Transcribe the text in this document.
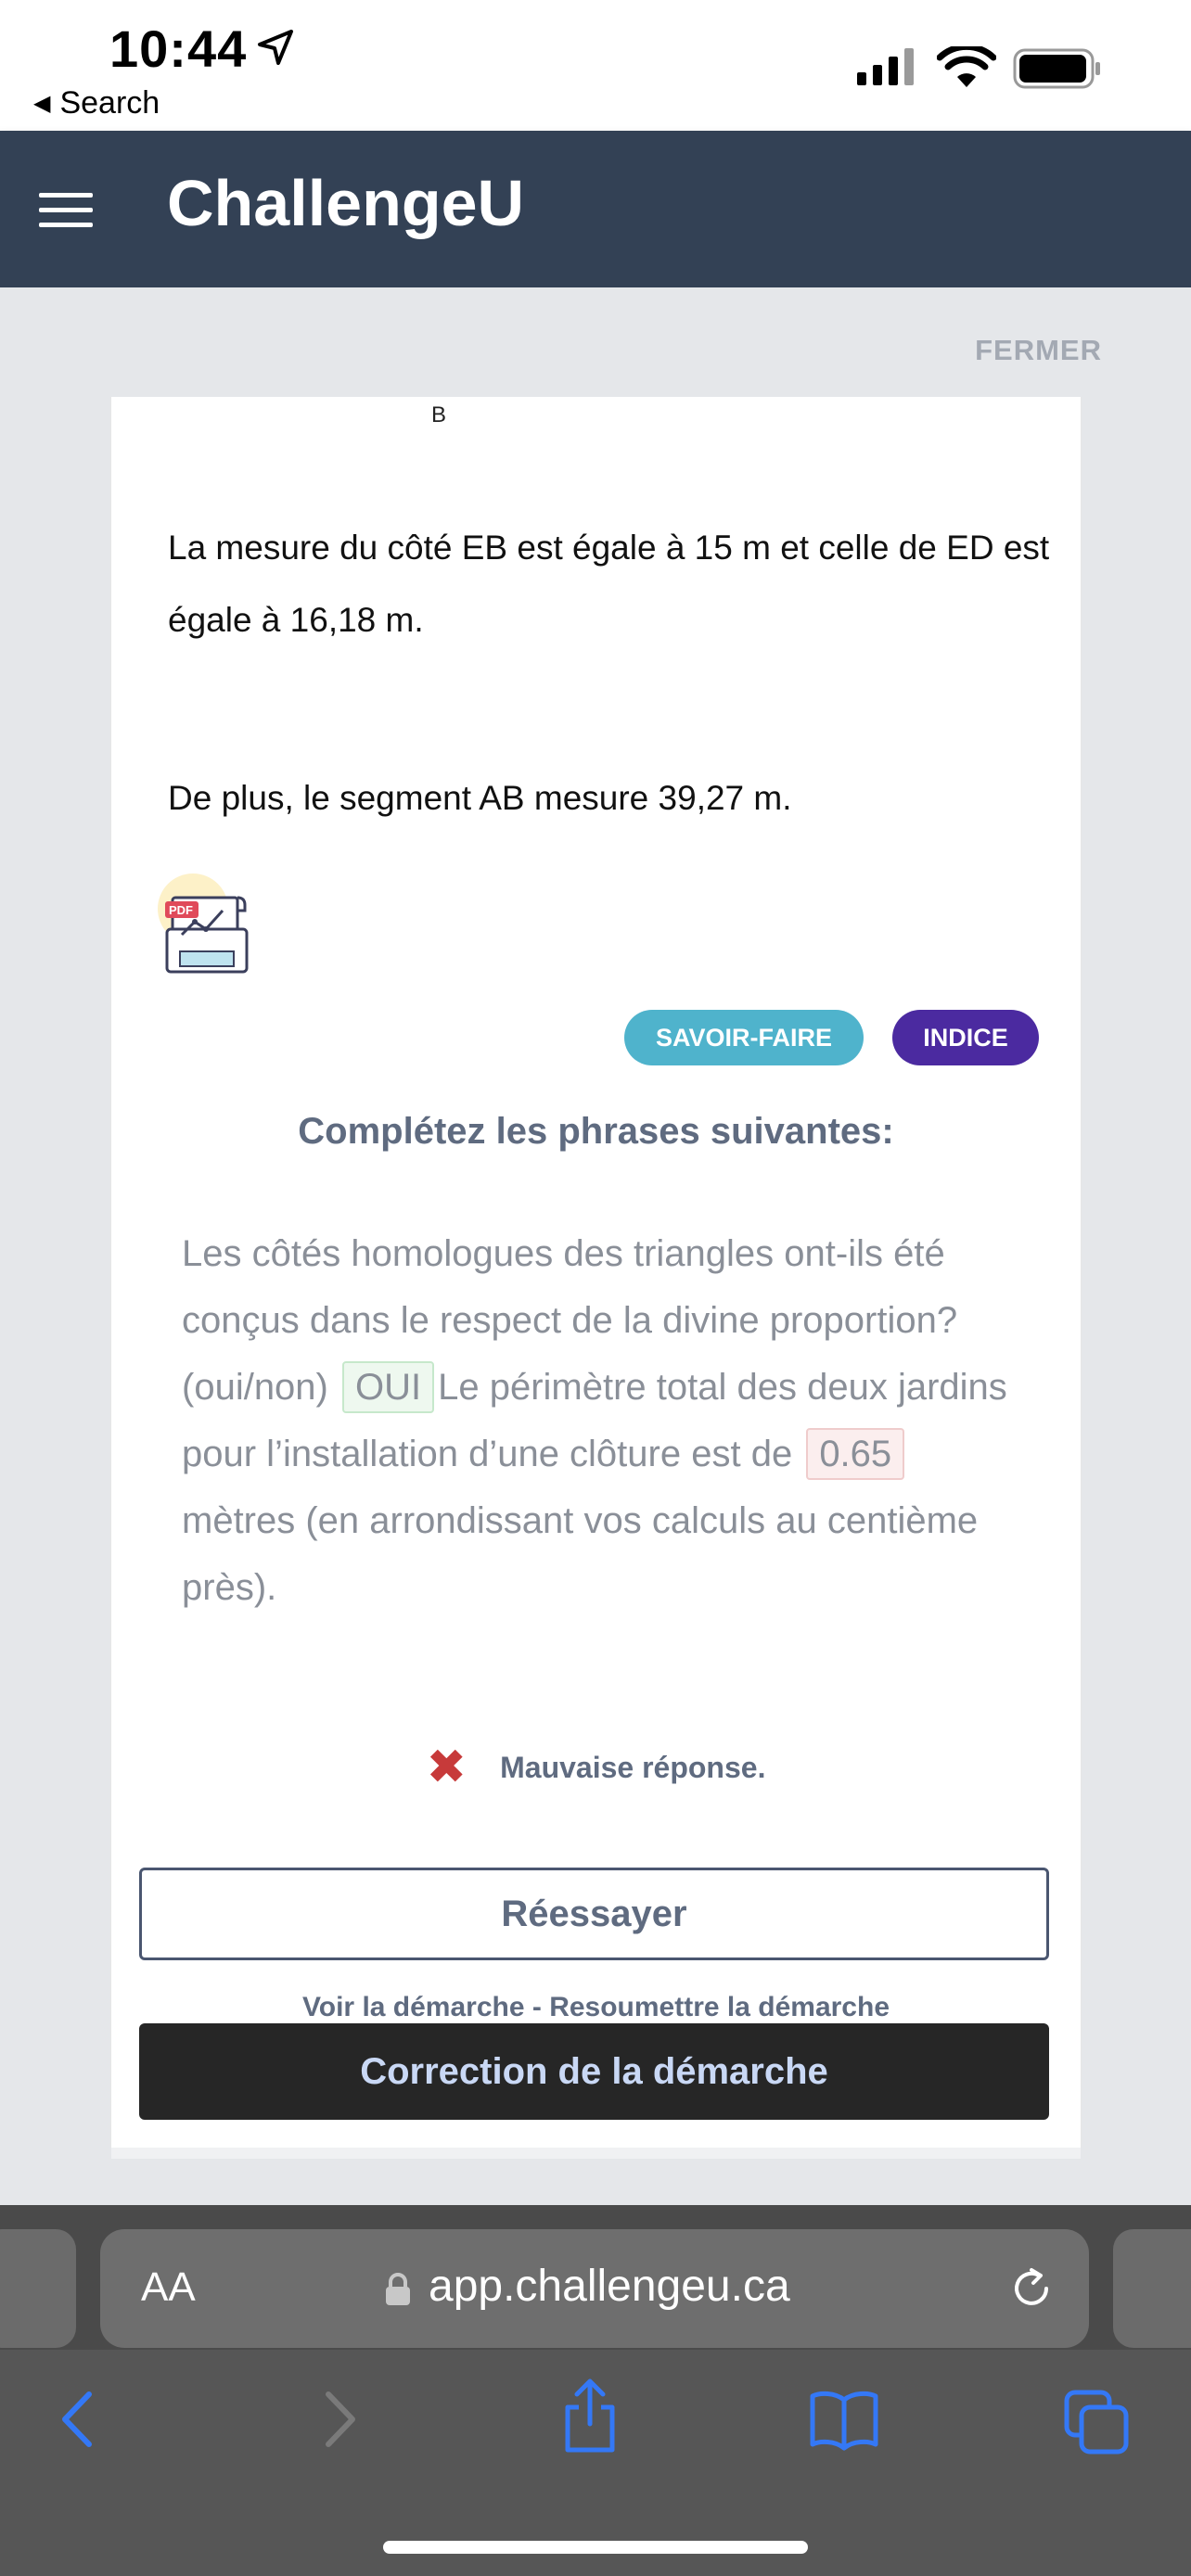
10:44
◀ Search
ChallengeU
FERMER
B
La mesure du côté EB est égale à 15 m et celle de ED est égale à 16,18 m.
De plus, le segment AB mesure 39,27 m.
PDF
SAVOIR-FAIRE	INDICE
Complétez les phrases suivantes:
Les côtés homologues des triangles ont-ils été conçus dans le respect de la divine proportion? (oui/non) OUI Le périmètre total des deux jardins pour l’installation d’une clôture est de 0.65mètres (en arrondissant vos calculs au centième près).
✖ Mauvaise réponse.
Réessayer
Voir la démarche - Resoumettre la démarche
Correction de la démarche
AA	app.challengeu.ca
